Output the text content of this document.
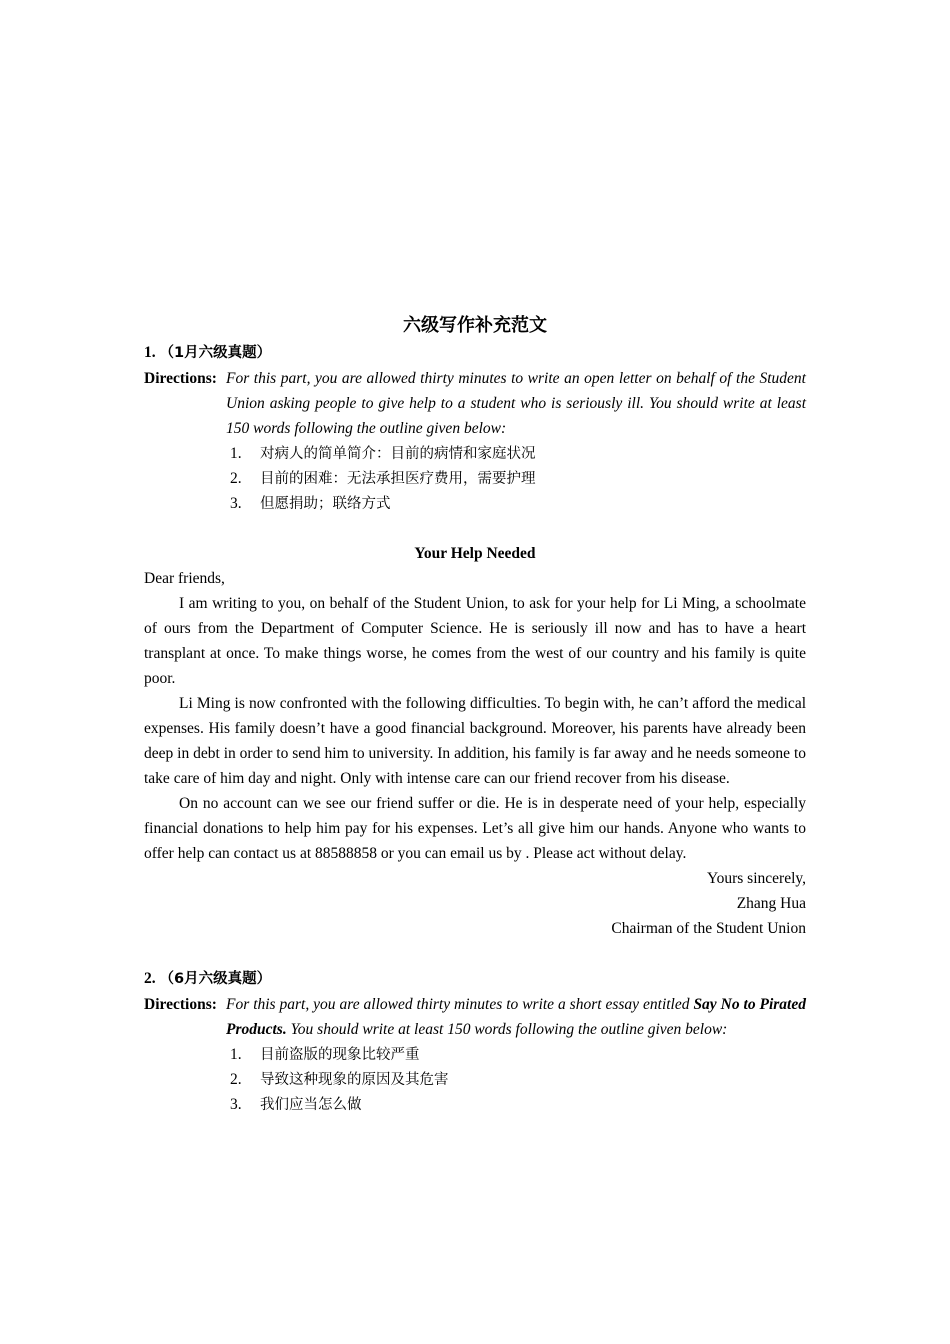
六级写作补充范文
1. （1月六级真题）
Directions: For this part, you are allowed thirty minutes to write an open letter on behalf of the Student Union asking people to give help to a student who is seriously ill. You should write at least 150 words following the outline given below:
1. 对病人的简单简介：目前的病情和家庭状况
2. 目前的困难：无法承担医疗费用，需要护理
3. 但愿捐助；联络方式
Your Help Needed

Dear friends,

I am writing to you, on behalf of the Student Union, to ask for your help for Li Ming, a schoolmate of ours from the Department of Computer Science. He is seriously ill now and has to have a heart transplant at once. To make things worse, he comes from the west of our country and his family is quite poor.

Li Ming is now confronted with the following difficulties. To begin with, he can’t afford the medical expenses. His family doesn’t have a good financial background. Moreover, his parents have already been deep in debt in order to send him to university. In addition, his family is far away and he needs someone to take care of him day and night. Only with intense care can our friend recover from his disease.

On no account can we see our friend suffer or die. He is in desperate need of your help, especially financial donations to help him pay for his expenses. Let’s all give him our hands. Anyone who wants to offer help can contact us at 88588858 or you can email us by . Please act without delay.

Yours sincerely,
Zhang Hua
Chairman of the Student Union
2. （6月六级真题）
Directions: For this part, you are allowed thirty minutes to write a short essay entitled Say No to Pirated Products. You should write at least 150 words following the outline given below:
1. 目前盗版的现象比较严重
2. 导致这种现象的原因及其危害
3. 我们应当怎么做
